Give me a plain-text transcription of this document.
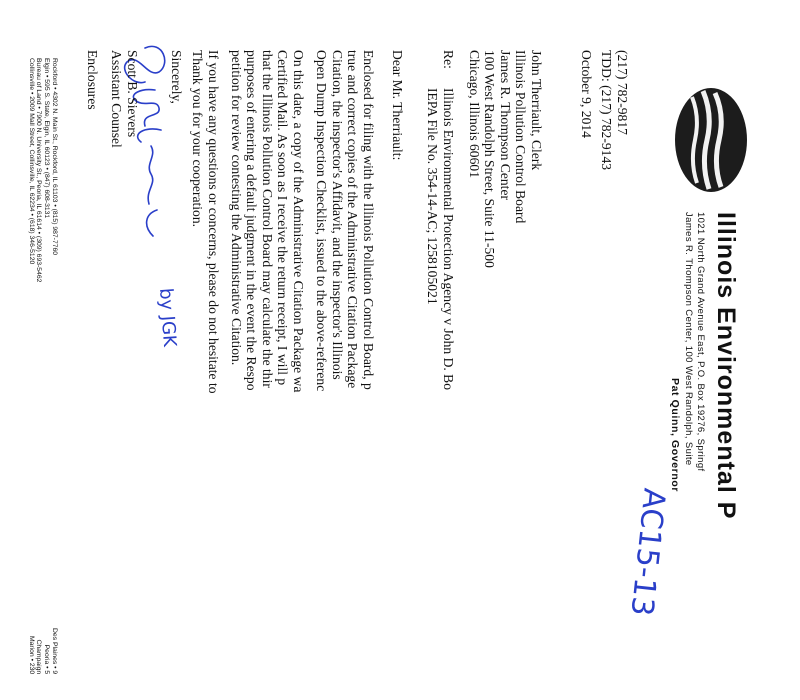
Illinois Environmental P
1021 North Grand Avenue East, P.O. Box 19276, Springf
James R. Thompson Center, 100 West Randolph, Suite
Pat Quinn, Governor
(217) 782-9817
TDD: (217) 782-9143
October 9, 2014
John Therriault, Clerk
Illinois Pollution Control Board
James R. Thompson Center
100 West Randolph Street, Suite 11-500
Chicago, Illinois 60601
Re:
Illinois Environmental Protection Agency v John D. Bo
IEPA File No. 354-14-AC; 1258105021
Dear Mr. Therriault:
Enclosed for filing with the Illinois Pollution Control Board, p
true and correct copies of the Administrative Citation Package
Citation, the inspector's Affidavit, and the inspector's Illinois
Open Dump Inspection Checklist, issued to the above-referenc
On this date, a copy of the Administrative Citation Package wa
Certified Mail. As soon as I receive the return receipt, I will p
that the Illinois Pollution Control Board may calculate the thir
purposes of entering a default judgment in the event the Respo
petition for review contesting the Administrative Citation.
If you have any questions or concerns, please do not hesitate to
Thank you for your cooperation.
Sincerely,
Scott B. Sievers
Assistant Counsel
by JGK
AC15-13
Enclosures
Rockford
Rockford • 4302 N. Main St., Rockford, IL 61103 • (815) 987-7760
Elgin • 595 S. State, Elgin, IL 60123 • (847) 608-3131
Bureau of Land • 7900 N. University St., Peoria, IL 61614 • (309) 693-5462
Collinsville • 2009 Mall Street, Collinsville, IL 62234 • (618) 346-5120
Des Plaines • 9
Peoria • 5
Champaign
Marion • 230
